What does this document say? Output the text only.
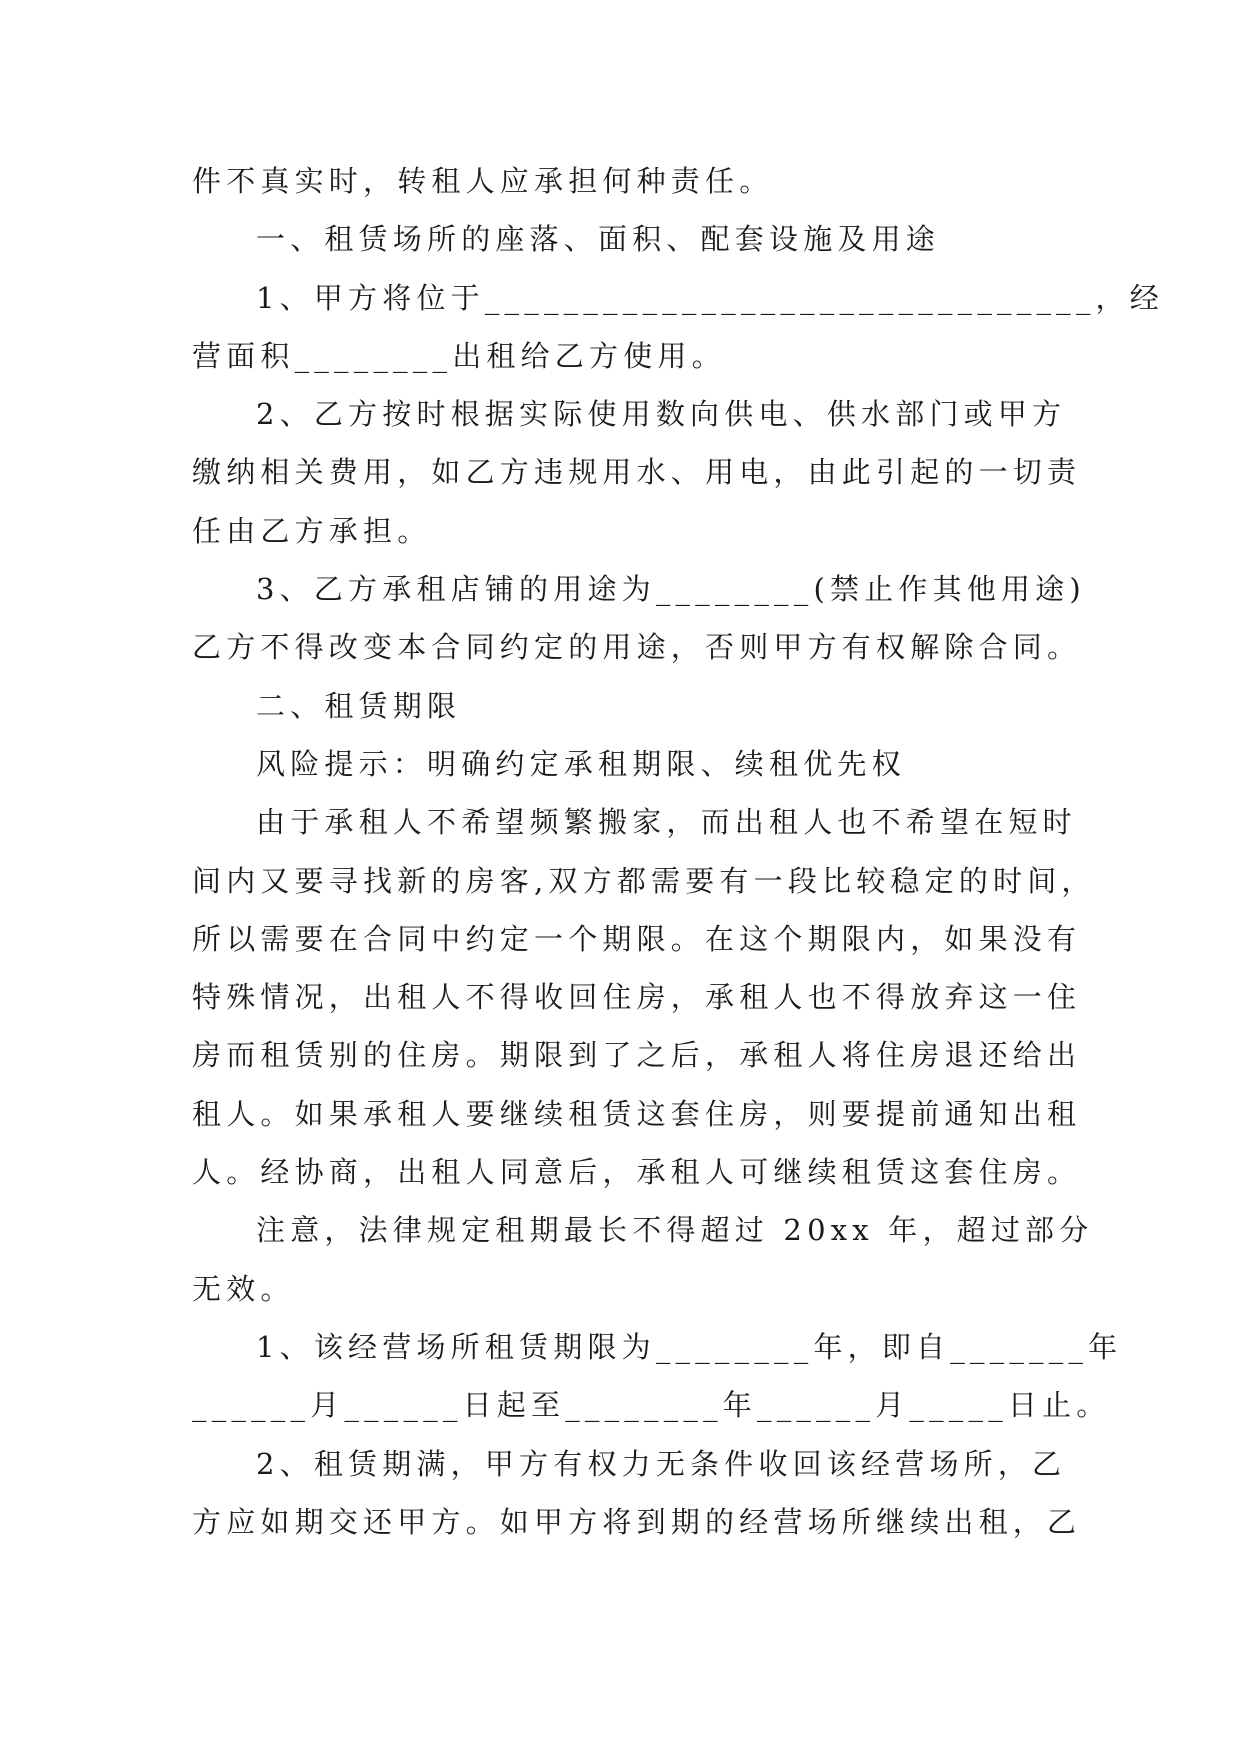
件不真实时，转租人应承担何种责任。
一、租赁场所的座落、面积、配套设施及用途
1、甲方将位于_______________________________，经
营面积________出租给乙方使用。
2、乙方按时根据实际使用数向供电、供水部门或甲方
缴纳相关费用，如乙方违规用水、用电，由此引起的一切责
任由乙方承担。
3、乙方承租店铺的用途为________(禁止作其他用途)
乙方不得改变本合同约定的用途，否则甲方有权解除合同。
二、租赁期限
风险提示：明确约定承租期限、续租优先权
由于承租人不希望频繁搬家，而出租人也不希望在短时
间内又要寻找新的房客,双方都需要有一段比较稳定的时间，
所以需要在合同中约定一个期限。在这个期限内，如果没有
特殊情况，出租人不得收回住房，承租人也不得放弃这一住
房而租赁别的住房。期限到了之后，承租人将住房退还给出
租人。如果承租人要继续租赁这套住房，则要提前通知出租
人。经协商，出租人同意后，承租人可继续租赁这套住房。
注意，法律规定租期最长不得超过 20xx 年，超过部分
无效。
1、该经营场所租赁期限为________年，即自_______年
______月______日起至________年______月_____日止。
2、租赁期满，甲方有权力无条件收回该经营场所，乙
方应如期交还甲方。如甲方将到期的经营场所继续出租，乙
